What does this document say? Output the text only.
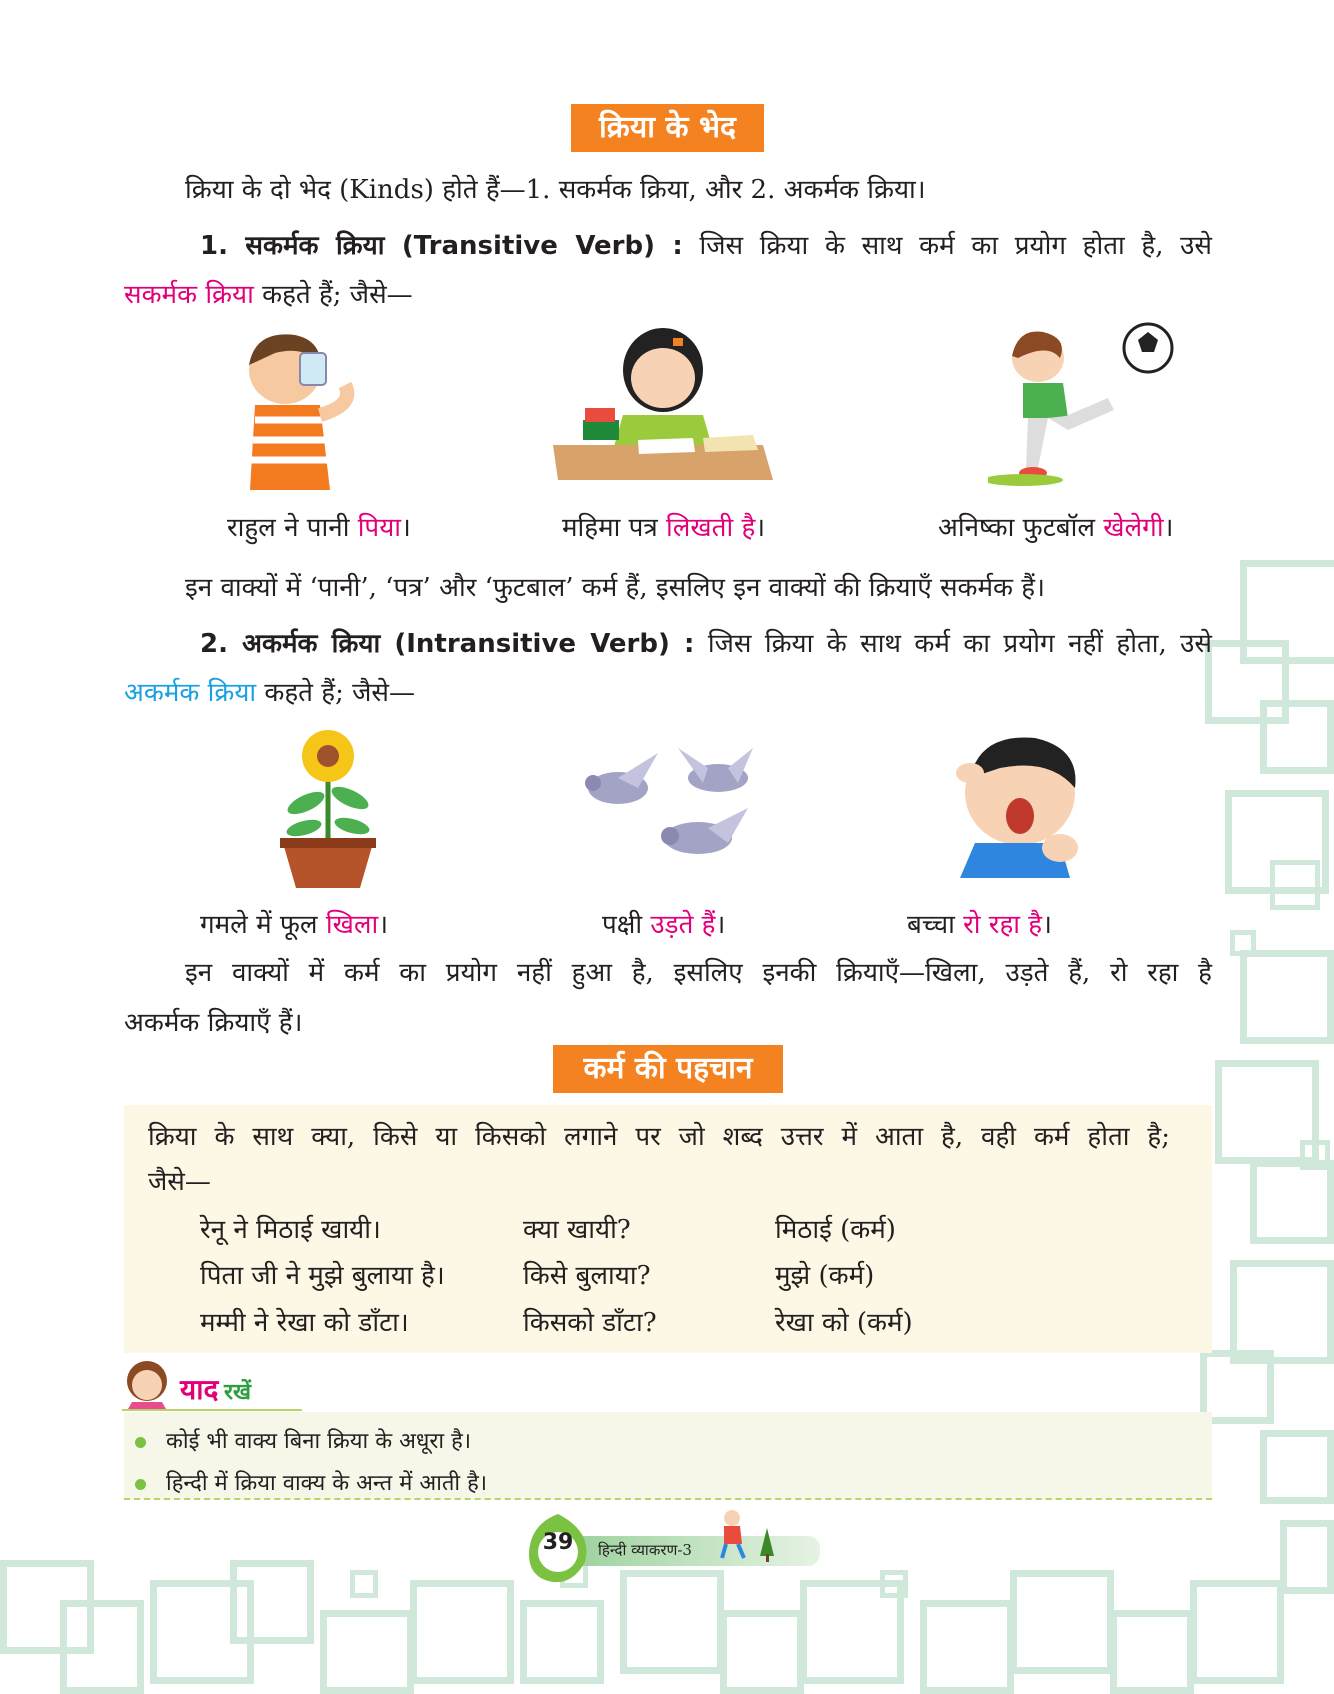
क्रिया के भेद
क्रिया के दो भेद (Kinds) होते हैं—1. सकर्मक क्रिया, और 2. अकर्मक क्रिया।
1. सकर्मक क्रिया (Transitive Verb) : जिस क्रिया के साथ कर्म का प्रयोग होता है, उसे
सकर्मक क्रिया कहते हैं; जैसे—
राहुल ने पानी पिया।	महिमा पत्र लिखती है।	अनिष्का फुटबॉल खेलेगी।
इन वाक्यों में ‘पानी’, ‘पत्र’ और ‘फुटबाल’ कर्म हैं, इसलिए इन वाक्यों की क्रियाएँ सकर्मक हैं।
2. अकर्मक क्रिया (Intransitive Verb) : जिस क्रिया के साथ कर्म का प्रयोग नहीं होता, उसे
अकर्मक क्रिया कहते हैं; जैसे—
गमले में फूल खिला।	पक्षी उड़ते हैं।	बच्चा रो रहा है।
इन वाक्यों में कर्म का प्रयोग नहीं हुआ है, इसलिए इनकी क्रियाएँ—खिला, उड़ते हैं, रो रहा है
अकर्मक क्रियाएँ हैं।
कर्म की पहचान
क्रिया के साथ क्या, किसे या किसको लगाने पर जो शब्द उत्तर में आता है, वही कर्म होता है;
जैसे—
रेनू ने मिठाई खायी।	क्या खायी?	मिठाई (कर्म)
पिता जी ने मुझे बुलाया है।	किसे बुलाया?	मुझे (कर्म)
मम्मी ने रेखा को डाँटा।	किसको डाँटा?	रेखा को (कर्म)
याद रखें
कोई भी वाक्य बिना क्रिया के अधूरा है।
हिन्दी में क्रिया वाक्य के अन्त में आती है।
39	हिन्दी व्याकरण-3
